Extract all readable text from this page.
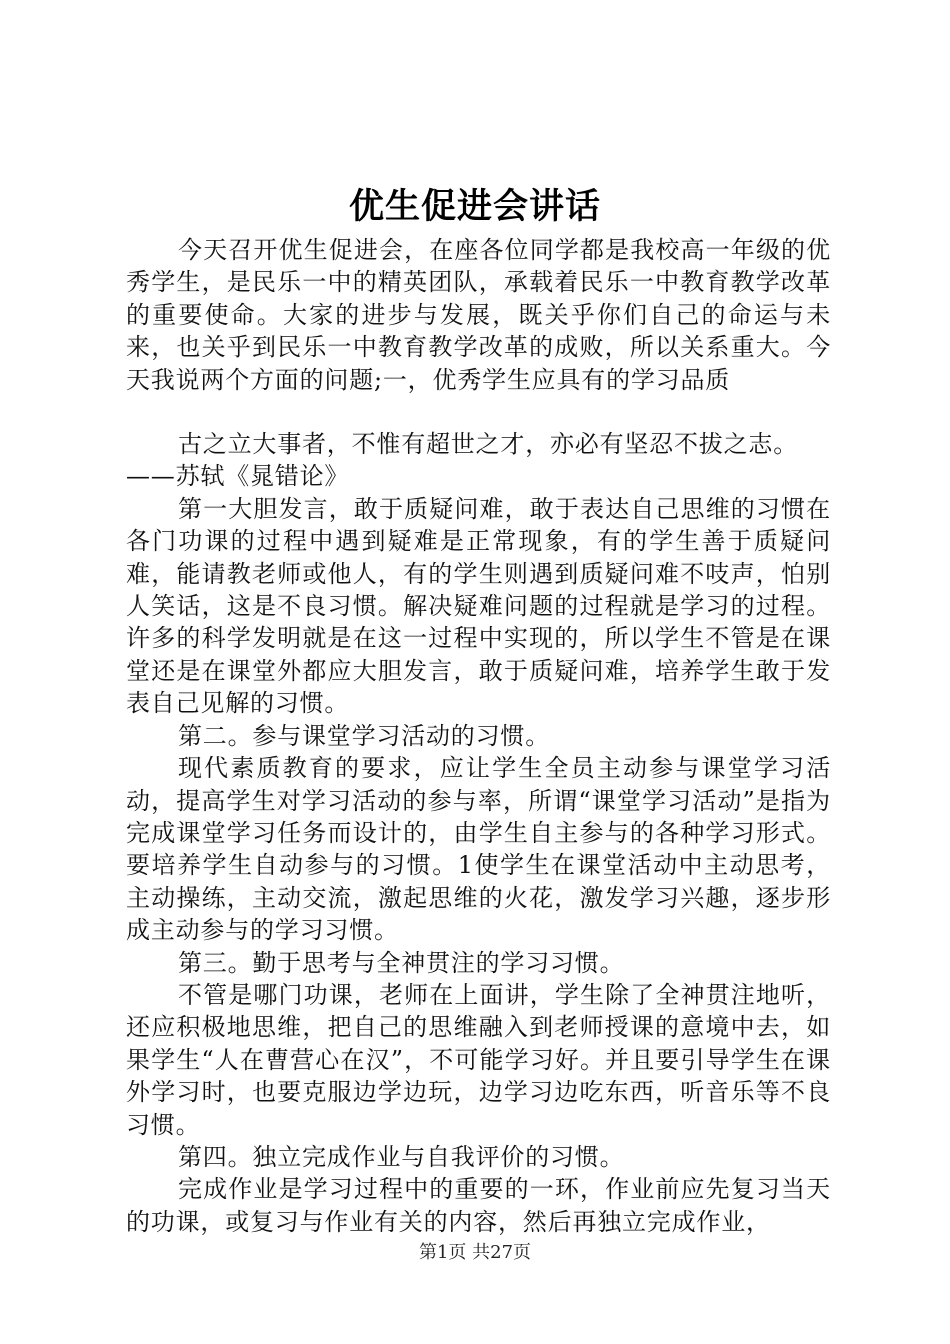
优生促进会讲话

今天召开优生促进会，在座各位同学都是我校高一年级的优秀学生，是民乐一中的精英团队，承载着民乐一中教育教学改革的重要使命。大家的进步与发展，既关乎你们自己的命运与未来，也关乎到民乐一中教育教学改革的成败，所以关系重大。今天我说两个方面的问题;一，优秀学生应具有的学习品质

古之立大事者，不惟有超世之才，亦必有坚忍不拔之志。

——苏轼《晁错论》

第一大胆发言，敢于质疑问难，敢于表达自己思维的习惯在各门功课的过程中遇到疑难是正常现象，有的学生善于质疑问难，能请教老师或他人，有的学生则遇到质疑问难不吱声，怕别人笑话，这是不良习惯。解决疑难问题的过程就是学习的过程。许多的科学发明就是在这一过程中实现的，所以学生不管是在课堂还是在课堂外都应大胆发言，敢于质疑问难，培养学生敢于发表自己见解的习惯。

第二。参与课堂学习活动的习惯。

现代素质教育的要求，应让学生全员主动参与课堂学习活动，提高学生对学习活动的参与率，所谓“课堂学习活动”是指为完成课堂学习任务而设计的，由学生自主参与的各种学习形式。要培养学生自动参与的习惯。1使学生在课堂活动中主动思考，主动操练，主动交流，激起思维的火花，激发学习兴趣，逐步形成主动参与的学习习惯。

第三。勤于思考与全神贯注的学习习惯。

不管是哪门功课，老师在上面讲，学生除了全神贯注地听，还应积极地思维，把自己的思维融入到老师授课的意境中去，如果学生“人在曹营心在汉”，不可能学习好。并且要引导学生在课外学习时，也要克服边学边玩，边学习边吃东西，听音乐等不良习惯。

第四。独立完成作业与自我评价的习惯。

完成作业是学习过程中的重要的一环，作业前应先复习当天的功课，或复习与作业有关的内容，然后再独立完成作业，

第1页 共27页
